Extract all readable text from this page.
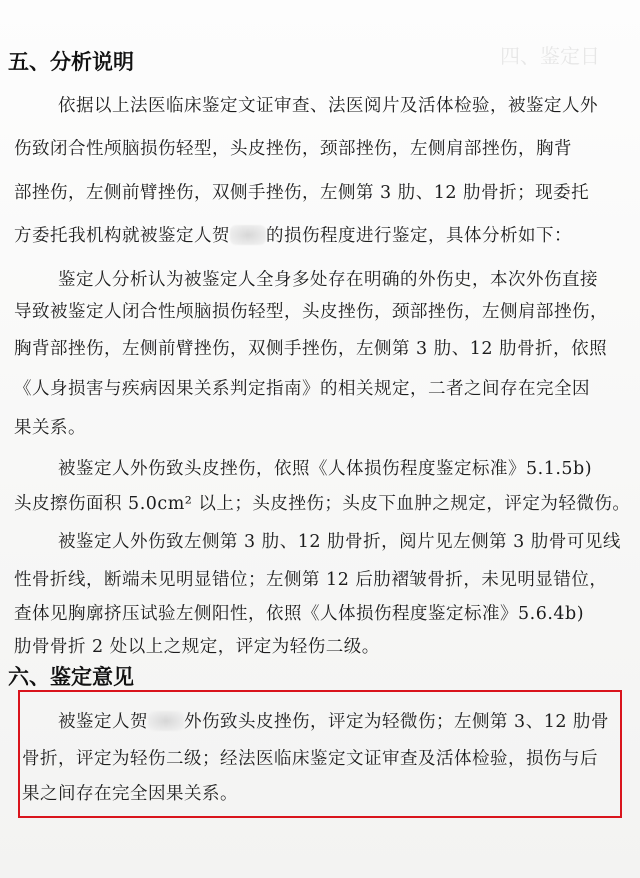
四、鉴定日
五、分析说明
依据以上法医临床鉴定文证审查、法医阅片及活体检验，被鉴定人外
伤致闭合性颅脑损伤轻型，头皮挫伤，颈部挫伤，左侧肩部挫伤，胸背
部挫伤，左侧前臂挫伤，双侧手挫伤，左侧第 3 肋、12 肋骨折；现委托
方委托我机构就被鉴定人贺 的损伤程度进行鉴定，具体分析如下：
鉴定人分析认为被鉴定人全身多处存在明确的外伤史，本次外伤直接
导致被鉴定人闭合性颅脑损伤轻型，头皮挫伤，颈部挫伤，左侧肩部挫伤，
胸背部挫伤，左侧前臂挫伤，双侧手挫伤，左侧第 3 肋、12 肋骨折，依照
《人身损害与疾病因果关系判定指南》的相关规定，二者之间存在完全因
果关系。
被鉴定人外伤致头皮挫伤，依照《人体损伤程度鉴定标准》5.1.5b)
头皮擦伤面积 5.0cm² 以上；头皮挫伤；头皮下血肿之规定，评定为轻微伤。
被鉴定人外伤致左侧第 3 肋、12 肋骨折，阅片见左侧第 3 肋骨可见线
性骨折线，断端未见明显错位；左侧第 12 后肋褶皱骨折，未见明显错位，
查体见胸廓挤压试验左侧阳性，依照《人体损伤程度鉴定标准》5.6.4b)
肋骨骨折 2 处以上之规定，评定为轻伤二级。
六、鉴定意见
被鉴定人贺 外伤致头皮挫伤，评定为轻微伤；左侧第 3、12 肋骨
骨折，评定为轻伤二级；经法医临床鉴定文证审查及活体检验，损伤与后
果之间存在完全因果关系。
